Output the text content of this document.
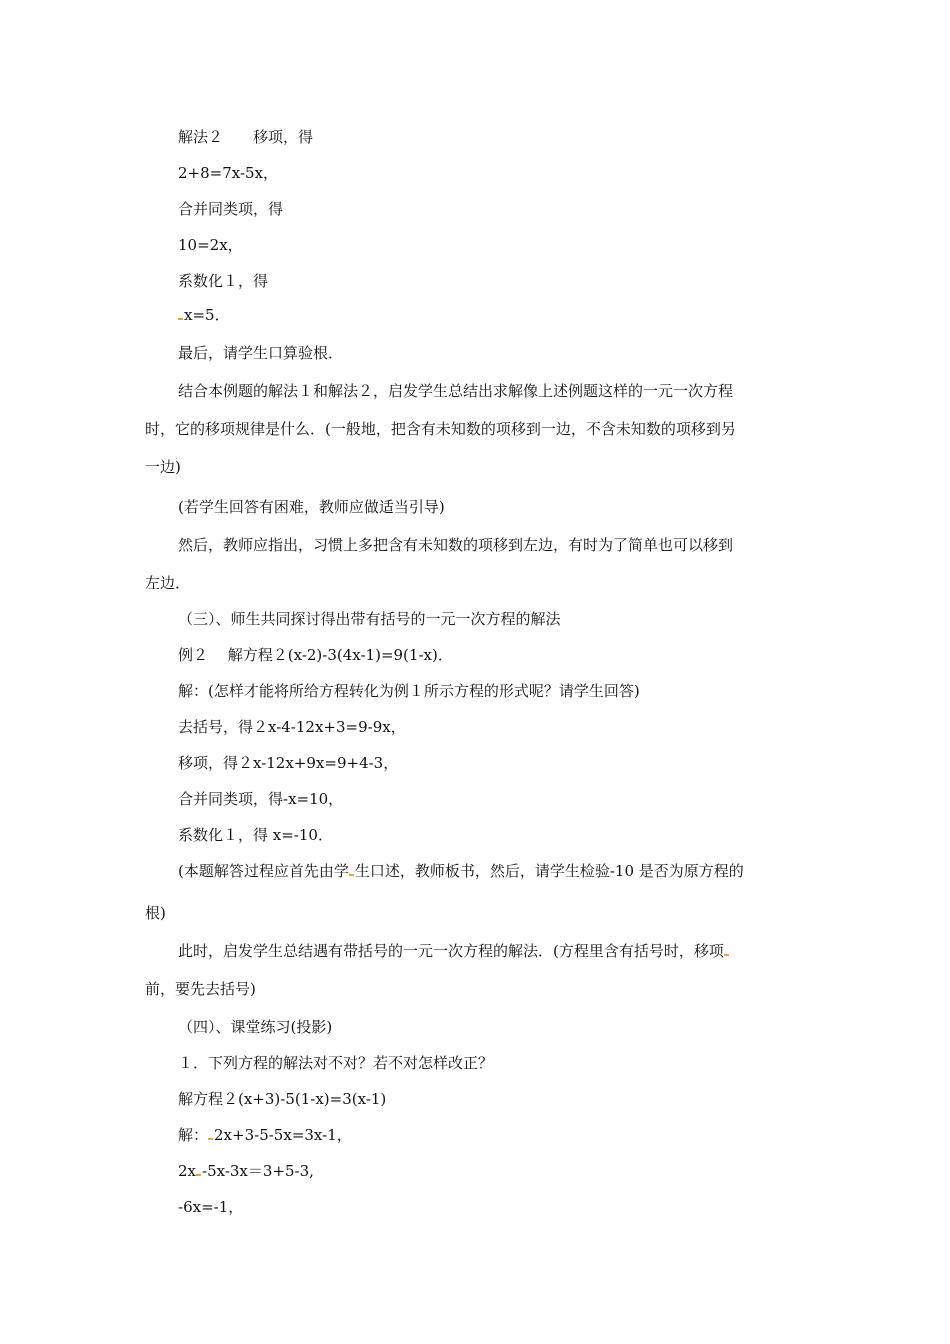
解法２　　移项，得
2+8=7x-5x，
合并同类项，得
10=2x，
系数化１，得
x=5．
最后，请学生口算验根．
结合本例题的解法１和解法２，启发学生总结出求解像上述例题这样的一元一次方程
时，它的移项规律是什么．(一般地，把含有未知数的项移到一边，不含未知数的项移到另
一边)
(若学生回答有困难，教师应做适当引导)
然后，教师应指出，习惯上多把含有未知数的项移到左边，有时为了简单也可以移到
左边．
（三）、师生共同探讨得出带有括号的一元一次方程的解法
例２　 解方程２(x-2)-3(4x-1)=9(1-x)．
解：(怎样才能将所给方程转化为例１所示方程的形式呢？请学生回答)
去括号，得２x-4-12x+3=9-9x，
移项，得２x-12x+9x=9+4-3，
合并同类项，得-x=10，
系数化１，得 x=-10．
(本题解答过程应首先由学 生口述，教师板书，然后，请学生检验-10 是否为原方程的
根)
此时，启发学生总结遇有带括号的一元一次方程的解法．(方程里含有括号时，移项
前，要先去括号)
（四）、课堂练习(投影)
１．下列方程的解法对不对？若不对怎样改正？
解方程２(x+3)-5(1-x)=3(x-1)
解： 2x+3-5-5x=3x-1，
2x -5x-3x＝3+5-3,
-6x=-1，
